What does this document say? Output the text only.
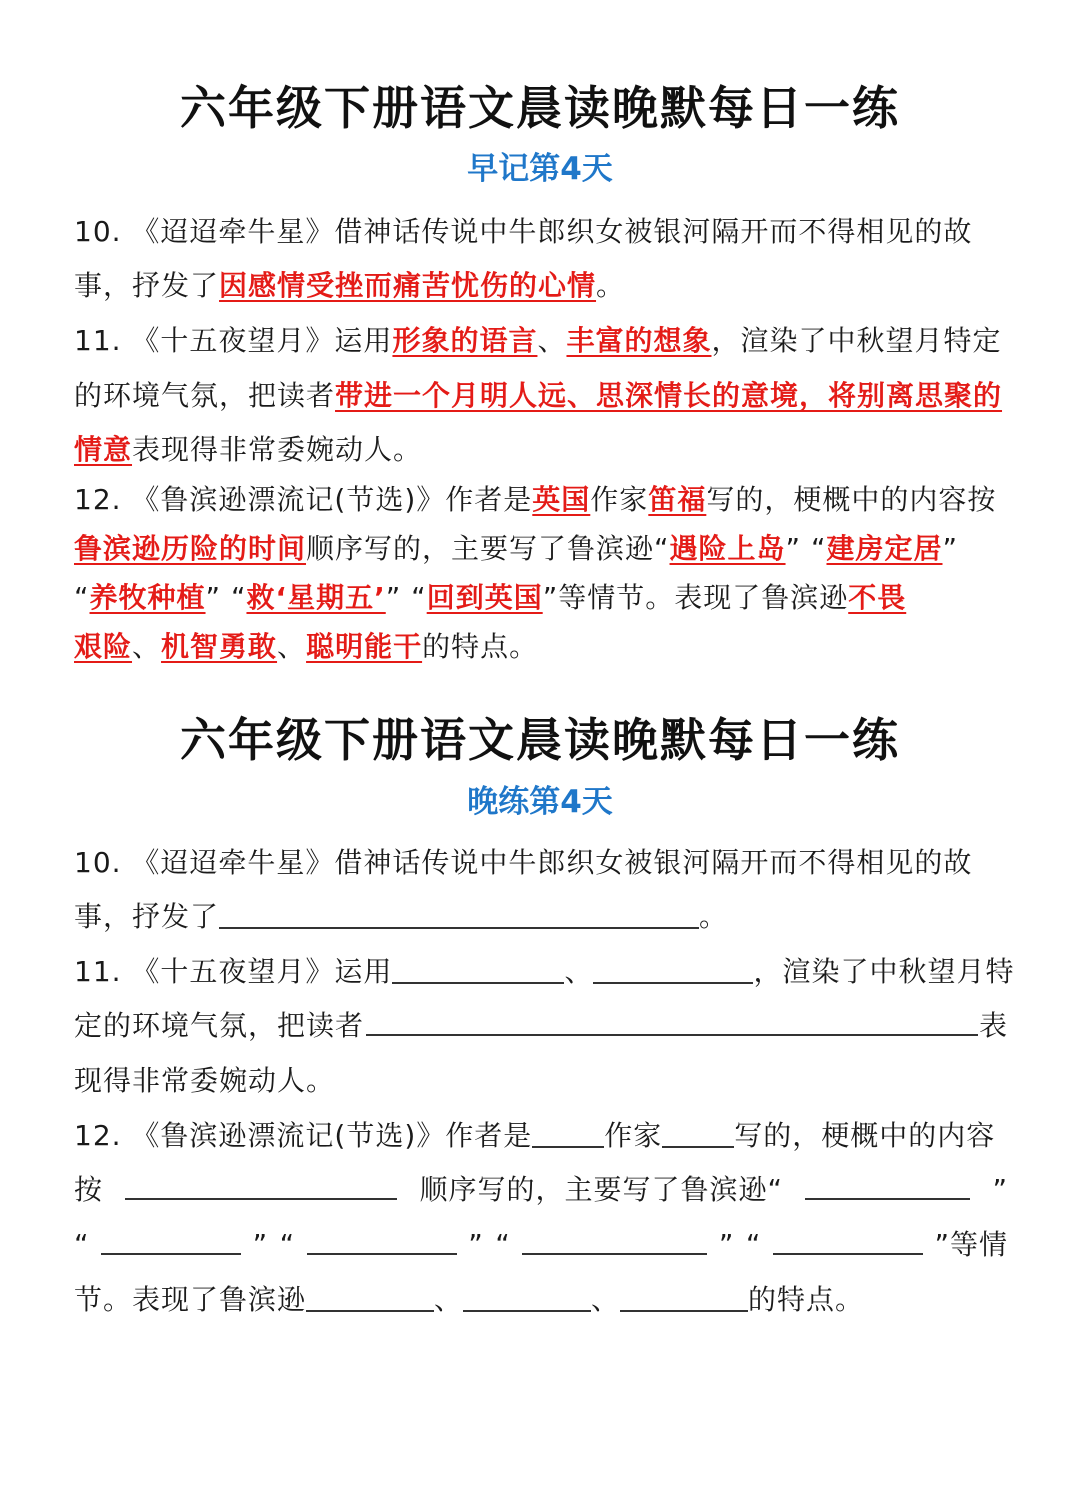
六年级下册语文晨读晚默每日一练
早记第4天
10. 《迢迢牵牛星》借神话传说中牛郎织女被银河隔开而不得相见的故
事，抒发了因感情受挫而痛苦忧伤的心情。
11. 《十五夜望月》运用形象的语言、丰富的想象，渲染了中秋望月特定
的环境气氛，把读者带进一个月明人远、思深情长的意境，将别离思聚的
情意表现得非常委婉动人。
12. 《鲁滨逊漂流记(节选)》作者是英国作家笛福写的，梗概中的内容按
鲁滨逊历险的时间顺序写的，主要写了鲁滨逊“遇险上岛” “建房定居”
“养牧种植” “救‘星期五’” “回到英国”等情节。表现了鲁滨逊不畏
艰险、机智勇敢、聪明能干的特点。
六年级下册语文晨读晚默每日一练
晚练第4天
10. 《迢迢牵牛星》借神话传说中牛郎织女被银河隔开而不得相见的故
事，抒发了	。
11. 《十五夜望月》运用	、	，渲染了中秋望月特
定的环境气氛，把读者	表
现得非常委婉动人。
12. 《鲁滨逊漂流记(节选)》作者是	作家	写的，梗概中的内容
按	顺序写的，主要写了鲁滨逊“	”
“	” “	” “	” “	”等情
节。表现了鲁滨逊	、	、	的特点。
